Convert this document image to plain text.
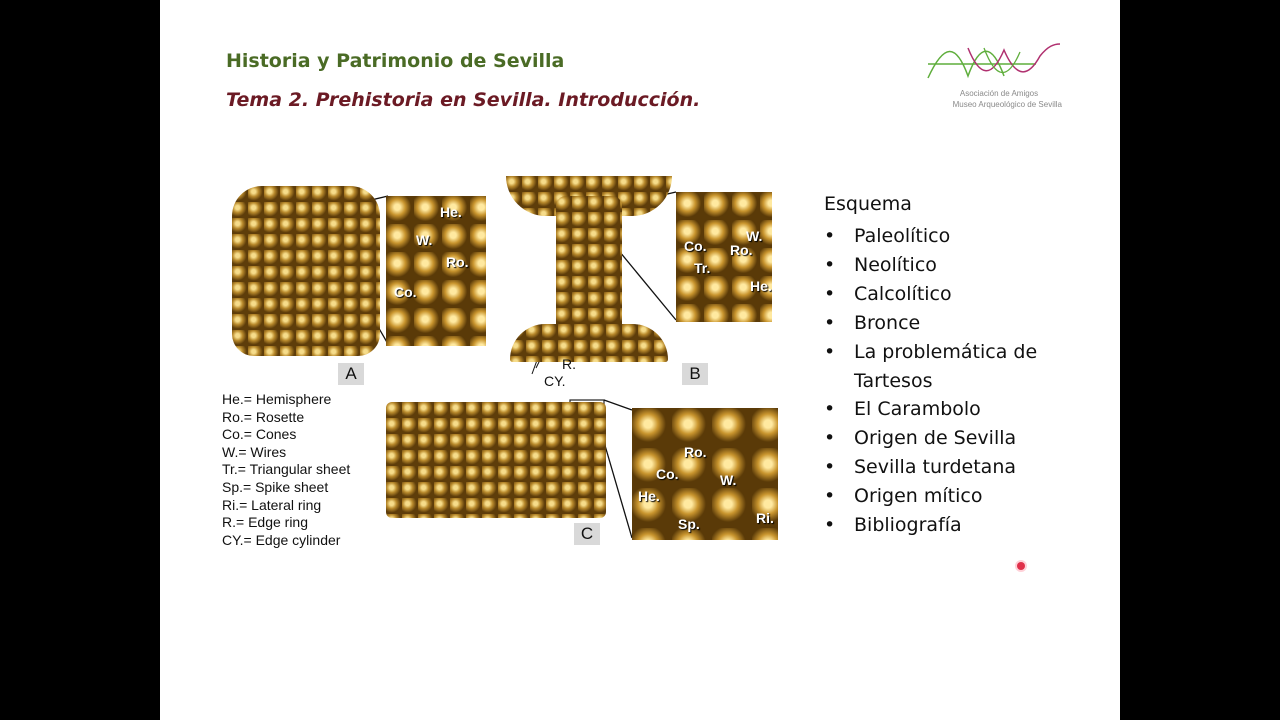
Historia y Patrimonio de Sevilla
Tema 2. Prehistoria en Sevilla. Introducción.	Asociación de Amigos
Museo Arqueológico de Sevilla
He.
W.
Ro.
Co.
A
Co.
W.
Ro.
Tr.
He.
R.
CY.	B
Ro.
Co.	W.
He.
Sp.	Ri.
C
He.= Hemisphere
Ro.= Rosette
Co.= Cones
W.= Wires
Tr.= Triangular sheet
Sp.= Spike sheet
Ri.= Lateral ring
R.= Edge ring
CY.= Edge cylinder
Esquema
• Paleolítico
• Neolítico
• Calcolítico
• Bronce
• La problemática de Tartesos
• El Carambolo
• Origen de Sevilla
• Sevilla turdetana
• Origen mítico
• Bibliografía
